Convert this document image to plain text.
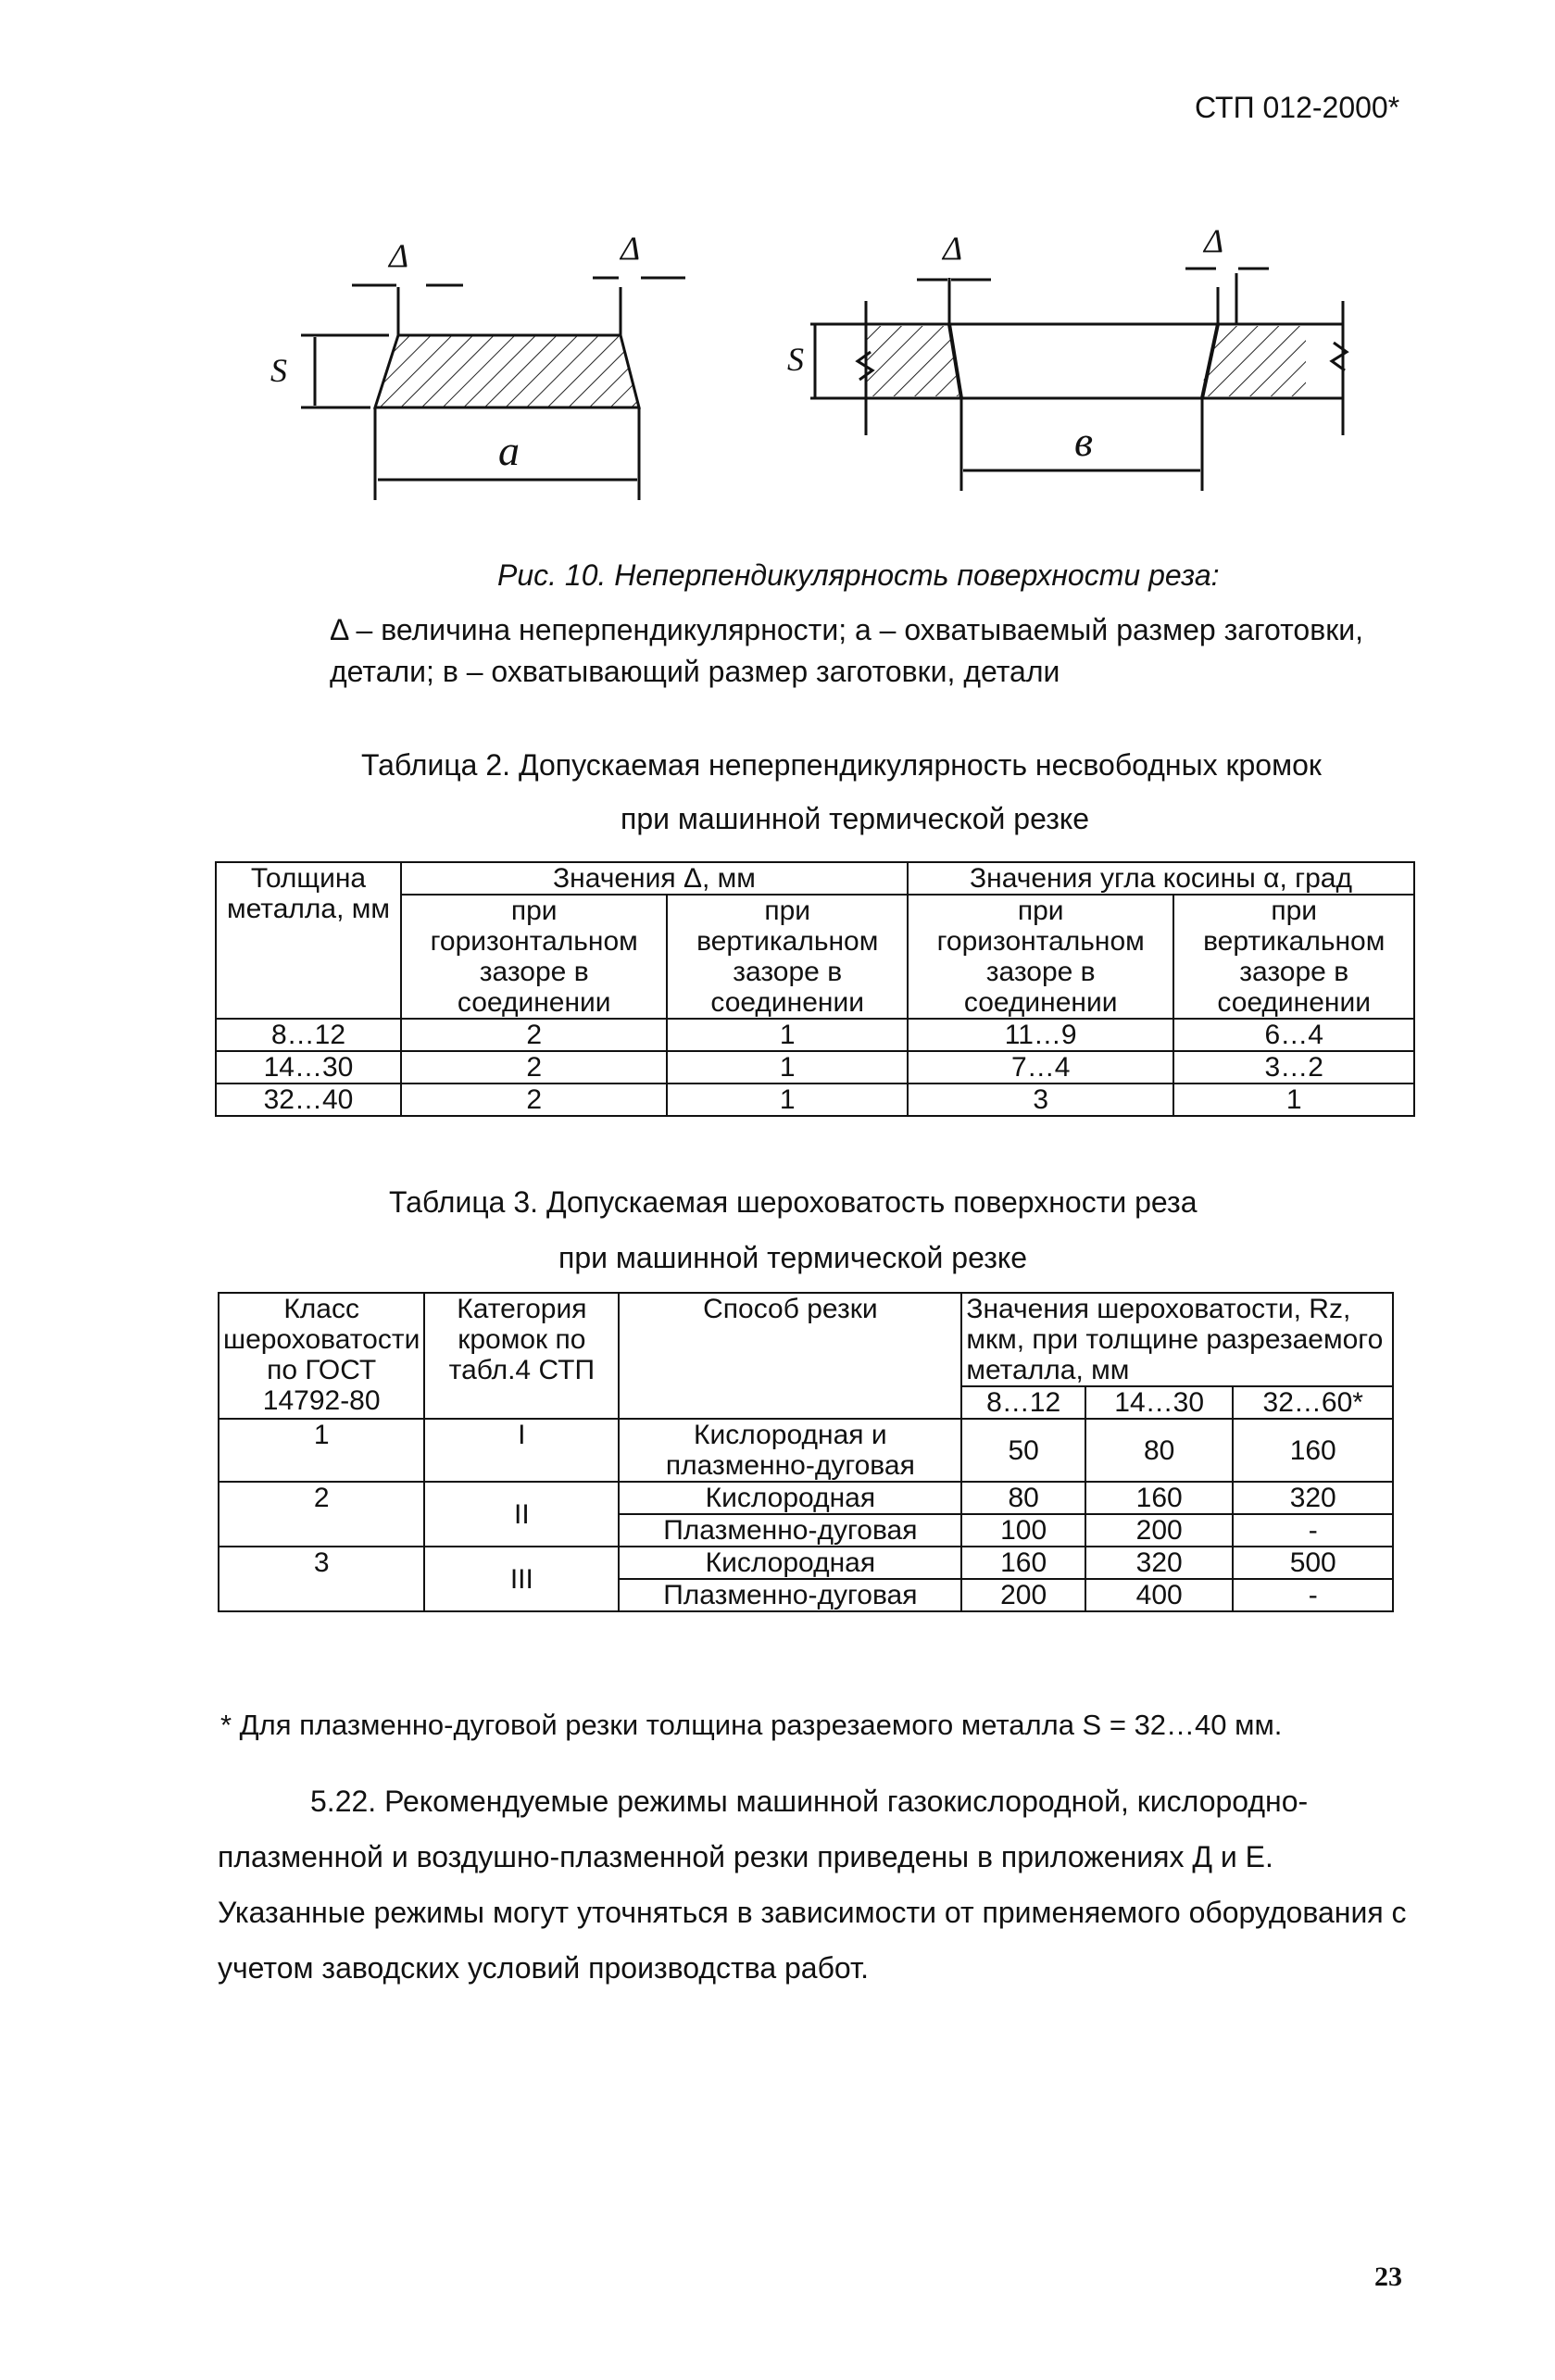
СТП 012-2000*
Δ	Δ	Δ	Δ
S	S
a	в
Рис. 10. Неперпендикулярность поверхности реза:
Δ – величина неперпендикулярности; а – охватываемый размер заготовки, детали; в – охватывающий размер заготовки, детали
Таблица 2. Допускаемая неперпендикулярность несвободных кромок
при машинной термической резке
Толщина металла, мм	Значения Δ, мм		Значения угла косины α, град	
	при горизонтальном зазоре в соединении	при вертикальном зазоре в соединении	при горизонтальном зазоре в соединении	при вертикальном зазоре в соединении
8…12	2	1	11…9	6…4
14…30	2	1	7…4	3…2
32…40	2	1	3	1
Таблица 3. Допускаемая шероховатость поверхности реза
при машинной термической резке
Класс шероховатости по ГОСТ 14792-80	Категория кромок по табл.4 СТП	Способ резки	Значения шероховатости, Rz, мкм, при толщине разрезаемого металла, мм		
			8…12	14…30	32…60*
1	I	Кислородная и плазменно-дуговая	50	80	160
2	II	Кислородная	80	160	320
		Плазменно-дуговая	100	200	-
3	III	Кислородная	160	320	500
		Плазменно-дуговая	200	400	-
* Для плазменно-дуговой резки толщина разрезаемого металла S = 32…40 мм.
5.22. Рекомендуемые режимы машинной газокислородной, кислородно-плазменной и воздушно-плазменной резки приведены в приложениях Д и Е. Указанные режимы могут уточняться в зависимости от применяемого оборудования с учетом заводских условий производства работ.
23
